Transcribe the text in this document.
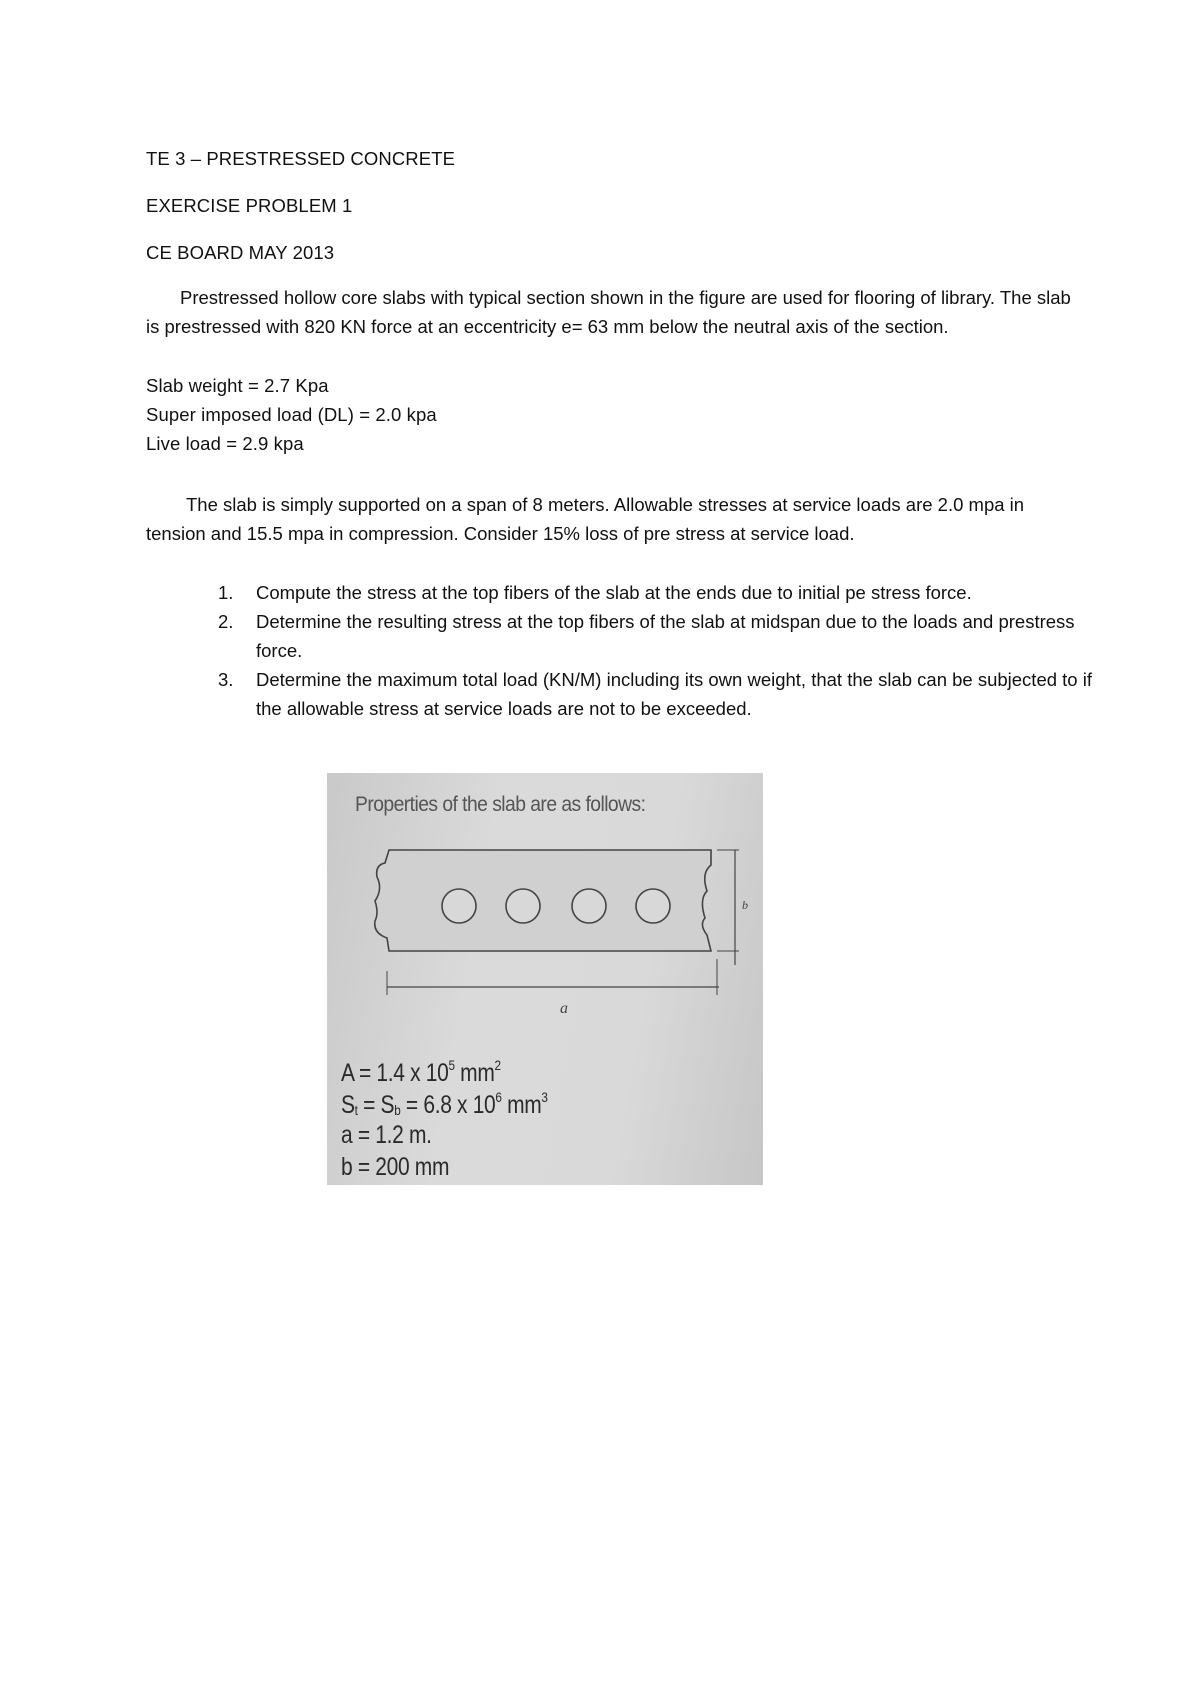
TE 3 – PRESTRESSED CONCRETE
EXERCISE PROBLEM 1
CE BOARD MAY 2013
Prestressed hollow core slabs with typical section shown in the figure are used for flooring of library. The slab is prestressed with 820 KN force at an eccentricity e= 63 mm below the neutral axis of the section.
Slab weight = 2.7 Kpa
Super imposed load (DL) = 2.0 kpa
Live load = 2.9 kpa
The slab is simply supported on a span of 8 meters. Allowable stresses at service loads are 2.0 mpa in tension and 15.5 mpa in compression. Consider 15% loss of pre stress at service load.
1. Compute the stress at the top fibers of the slab at the ends due to initial pe stress force.
2. Determine the resulting stress at the top fibers of the slab at midspan due to the loads and prestress force.
3. Determine the maximum total load (KN/M) including its own weight, that the slab can be subjected to if the allowable stress at service loads are not to be exceeded.
Properties of the slab are as follows:
b
a
A = 1.4 x $10^5$ $mm^2$
$S_t = S_b = 6.8$ x $10^6$ $mm^3$
a = 1.2 m.
b = 200 mm
